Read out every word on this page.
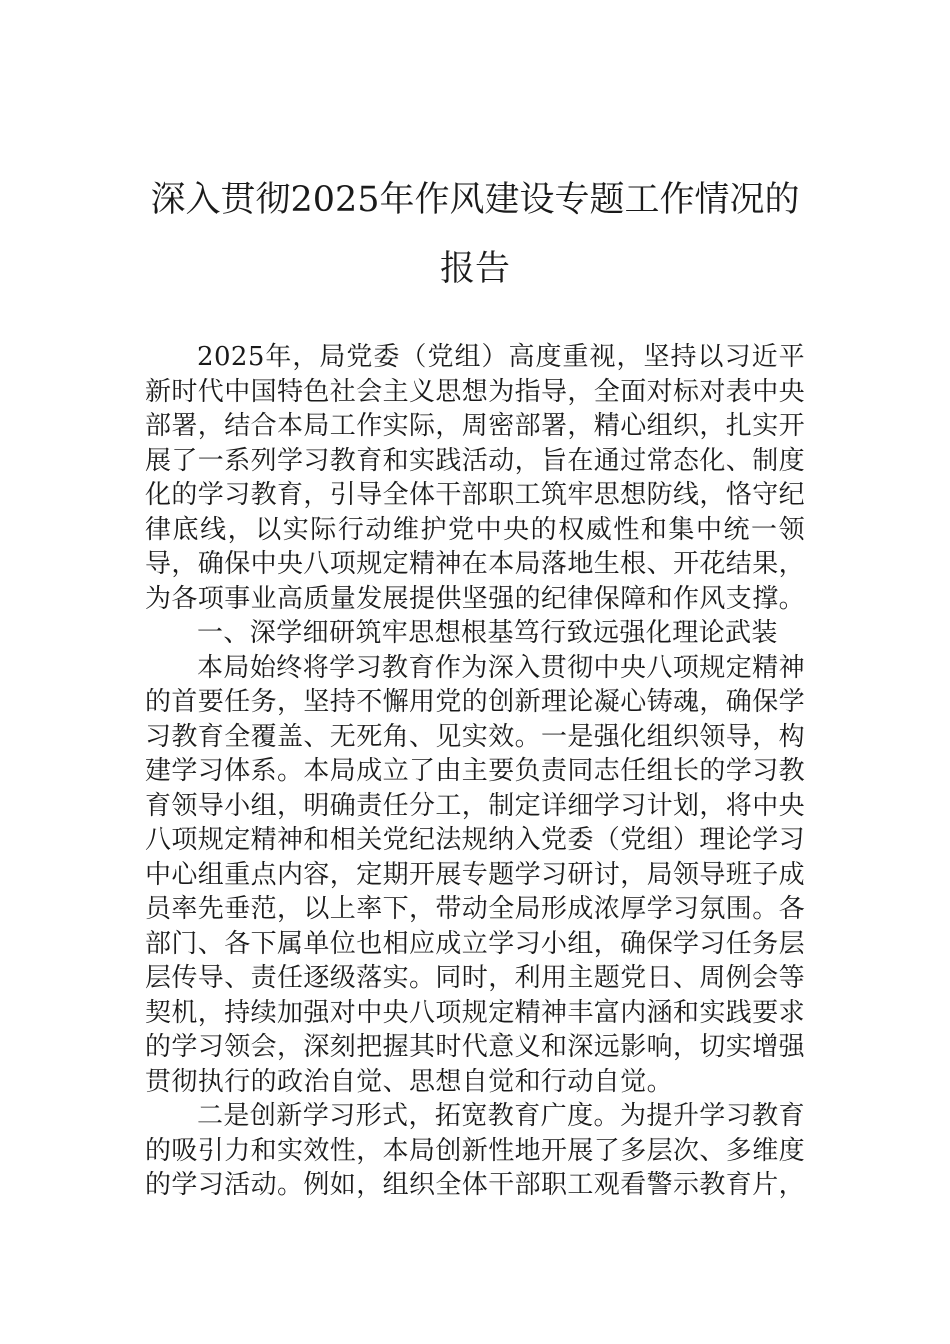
深入贯彻2025年作风建设专题工作情况的
报告

2025年，局党委（党组）高度重视，坚持以习近平新时代中国特色社会主义思想为指导，全面对标对表中央部署，结合本局工作实际，周密部署，精心组织，扎实开展了一系列学习教育和实践活动，旨在通过常态化、制度化的学习教育，引导全体干部职工筑牢思想防线，恪守纪律底线，以实际行动维护党中央的权威性和集中统一领导，确保中央八项规定精神在本局落地生根、开花结果，为各项事业高质量发展提供坚强的纪律保障和作风支撑。

一、深学细研筑牢思想根基笃行致远强化理论武装

本局始终将学习教育作为深入贯彻中央八项规定精神的首要任务，坚持不懈用党的创新理论凝心铸魂，确保学习教育全覆盖、无死角、见实效。一是强化组织领导，构建学习体系。本局成立了由主要负责同志任组长的学习教育领导小组，明确责任分工，制定详细学习计划，将中央八项规定精神和相关党纪法规纳入党委（党组）理论学习中心组重点内容，定期开展专题学习研讨，局领导班子成员率先垂范，以上率下，带动全局形成浓厚学习氛围。各部门、各下属单位也相应成立学习小组，确保学习任务层层传导、责任逐级落实。同时，利用主题党日、周例会等契机，持续加强对中央八项规定精神丰富内涵和实践要求的学习领会，深刻把握其时代意义和深远影响，切实增强贯彻执行的政治自觉、思想自觉和行动自觉。

二是创新学习形式，拓宽教育广度。为提升学习教育的吸引力和实效性，本局创新性地开展了多层次、多维度的学习活动。例如，组织全体干部职工观看警示教育片，
